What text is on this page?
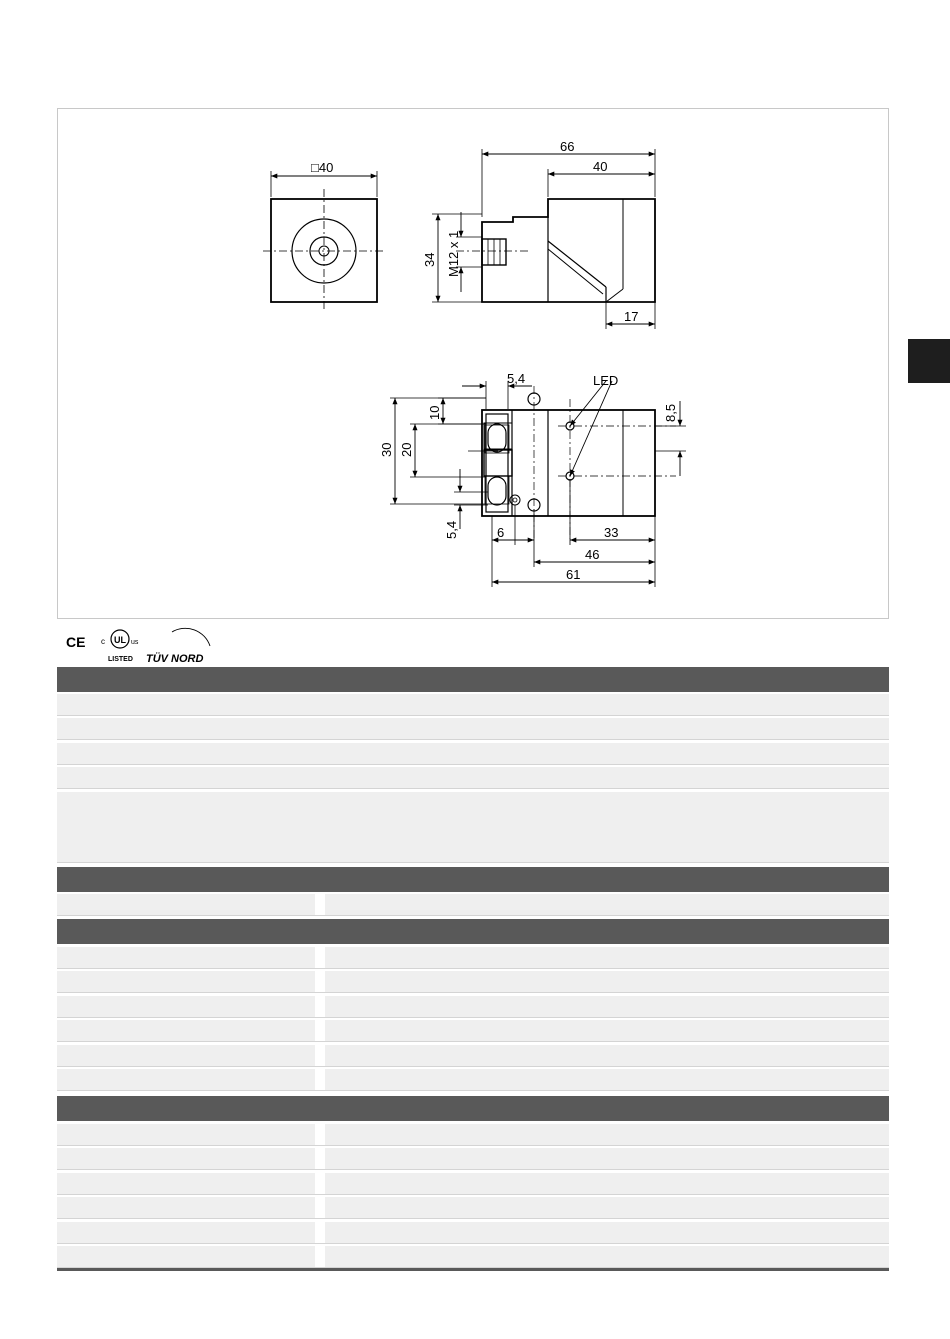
□40
66
40
34 M12 x 1
17
LED
5,4
10
20
30
8,5
5,4	6	33
46
61
CE c UL us
LISTED TÜV NORD
